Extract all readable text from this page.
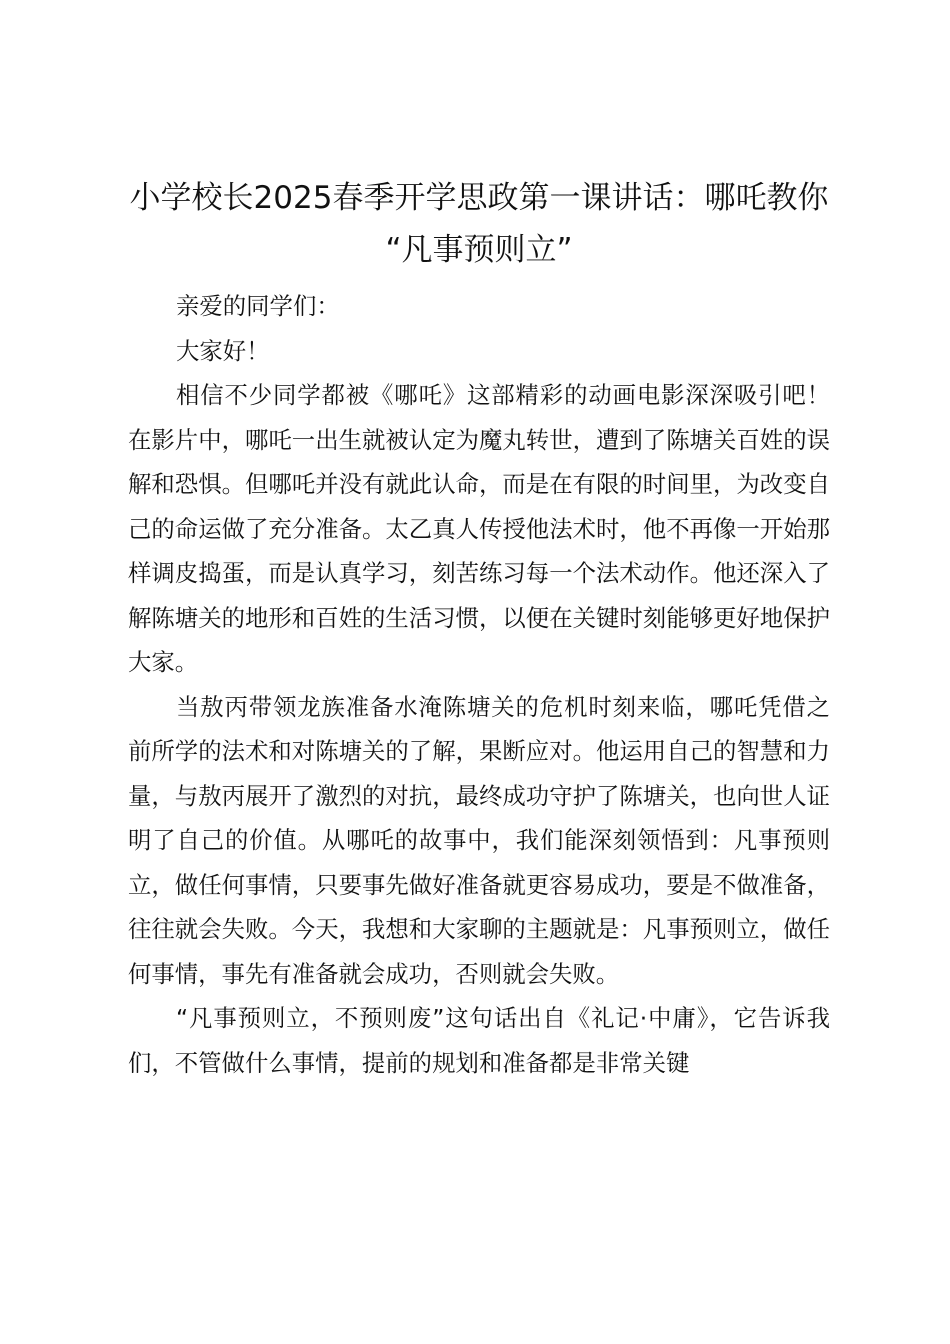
小学校长2025春季开学思政第一课讲话：哪吒教你 “凡事预则立”

亲爱的同学们：

大家好！

相信不少同学都被《哪吒》这部精彩的动画电影深深吸引吧！在影片中，哪吒一出生就被认定为魔丸转世，遭到了陈塘关百姓的误解和恐惧。但哪吒并没有就此认命，而是在有限的时间里，为改变自己的命运做了充分准备。太乙真人传授他法术时，他不再像一开始那样调皮捣蛋，而是认真学习，刻苦练习每一个法术动作。他还深入了解陈塘关的地形和百姓的生活习惯，以便在关键时刻能够更好地保护大家。

当敖丙带领龙族准备水淹陈塘关的危机时刻来临，哪吒凭借之前所学的法术和对陈塘关的了解，果断应对。他运用自己的智慧和力量，与敖丙展开了激烈的对抗，最终成功守护了陈塘关，也向世人证明了自己的价值。从哪吒的故事中，我们能深刻领悟到：凡事预则立，做任何事情，只要事先做好准备就更容易成功，要是不做准备，往往就会失败。今天，我想和大家聊的主题就是：凡事预则立，做任何事情，事先有准备就会成功，否则就会失败。

“凡事预则立，不预则废”这句话出自《礼记·中庸》，它告诉我们，不管做什么事情，提前的规划和准备都是非常关键
